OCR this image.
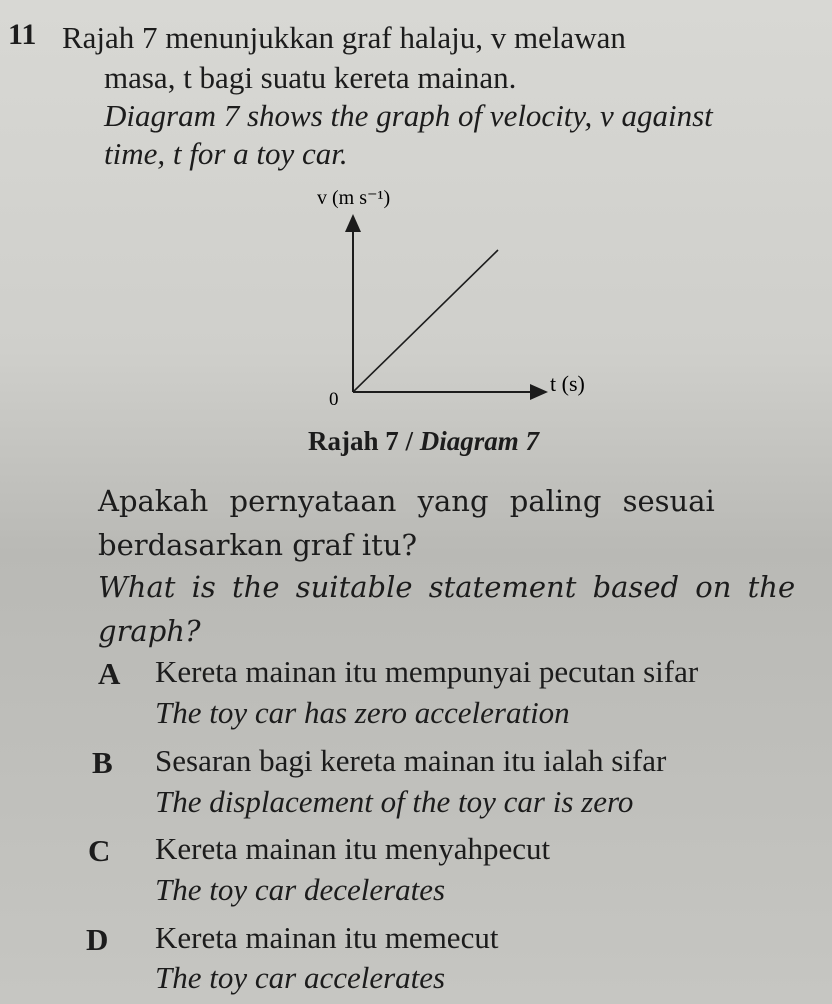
11 Rajah 7 menunjukkan graf halaju, v melawan
masa, t bagi suatu kereta mainan.
Diagram 7 shows the graph of velocity, v against
time, t for a toy car.
v (m s⁻¹)
t (s)
0
Rajah 7 / Diagram 7
Apakah pernyataan yang paling sesuai
berdasarkan graf itu?
What is the suitable statement based on the
graph?
A Kereta mainan itu mempunyai pecutan sifar
The toy car has zero acceleration
B Sesaran bagi kereta mainan itu ialah sifar
The displacement of the toy car is zero
C Kereta mainan itu menyahpecut
The toy car decelerates
D Kereta mainan itu memecut
The toy car accelerates
